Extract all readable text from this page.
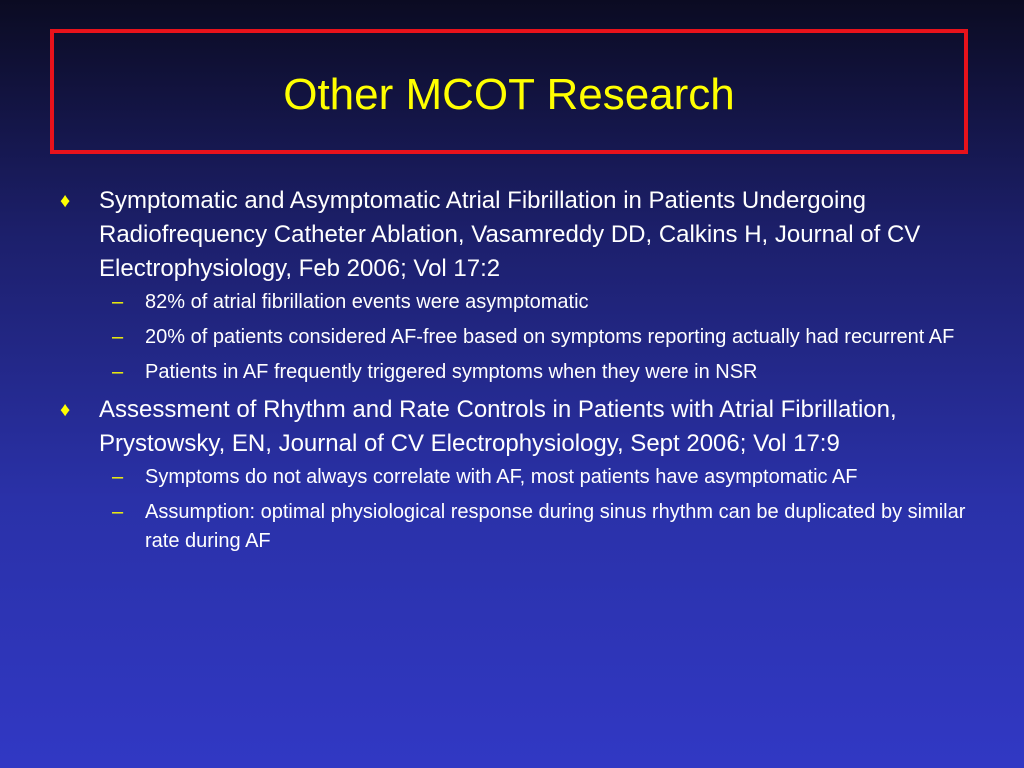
Other MCOT Research
♦ Symptomatic and Asymptomatic Atrial Fibrillation in Patients Undergoing Radiofrequency Catheter Ablation, Vasamreddy DD, Calkins H, Journal of CV Electrophysiology, Feb 2006; Vol 17:2
– 82% of atrial fibrillation events were asymptomatic
– 20% of patients considered AF-free based on symptoms reporting actually had recurrent AF
– Patients in AF frequently triggered symptoms when they were in NSR
♦ Assessment of Rhythm and Rate Controls in Patients with Atrial Fibrillation, Prystowsky, EN, Journal of CV Electrophysiology, Sept 2006; Vol 17:9
– Symptoms do not always correlate with AF, most patients have asymptomatic AF
– Assumption: optimal physiological response during sinus rhythm can be duplicated by similar rate during AF
